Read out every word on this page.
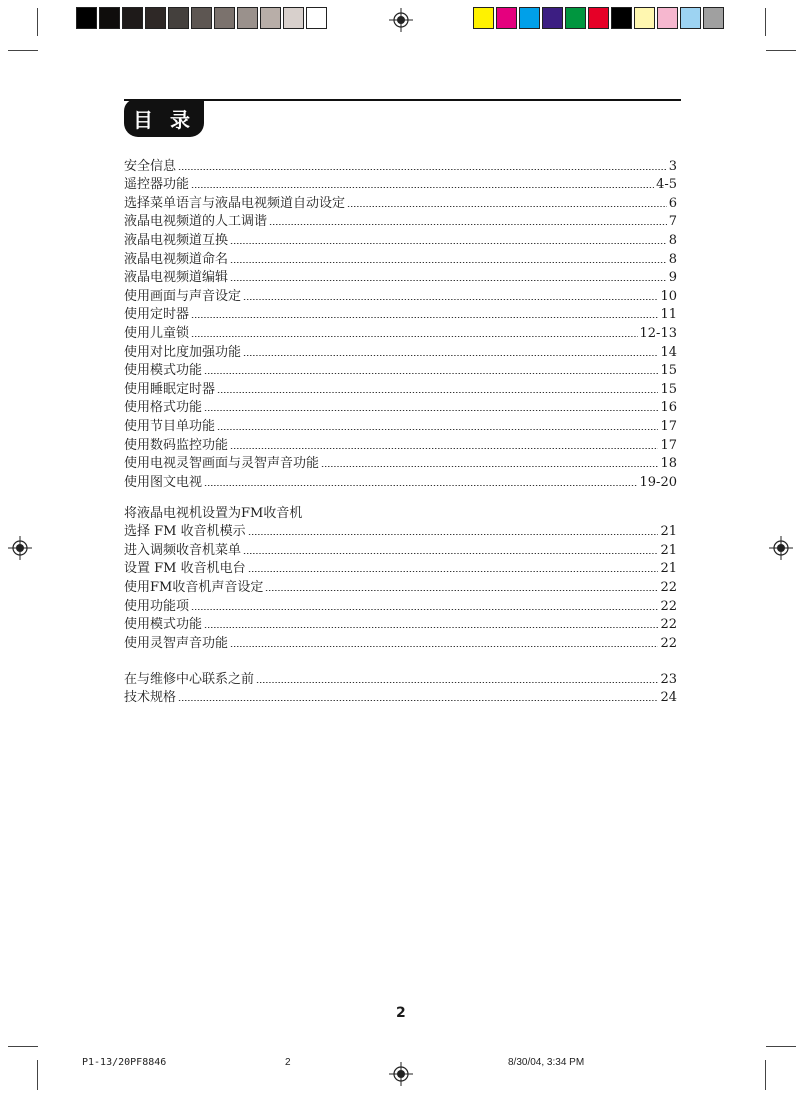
目 录
安全信息	3
遥控器功能	4-5
选择菜单语言与液晶电视频道自动设定	6
液晶电视频道的人工调谐	7
液晶电视频道互换	8
液晶电视频道命名	8
液晶电视频道编辑	9
使用画面与声音设定	10
使用定时器	11
使用儿童锁	12-13
使用对比度加强功能	14
使用模式功能	15
使用睡眠定时器	15
使用格式功能	16
使用节目单功能	17
使用数码监控功能	17
使用电视灵智画面与灵智声音功能	18
使用图文电视	19-20
将液晶电视机设置为FM收音机
选择 FM 收音机模示	21
进入调频收音机菜单	21
设置 FM 收音机电台	21
使用FM收音机声音设定	22
使用功能项	22
使用模式功能	22
使用灵智声音功能	22
在与维修中心联系之前	23
技术规格	24
2
P1-13/20PF8846	2	8/30/04, 3:34 PM
